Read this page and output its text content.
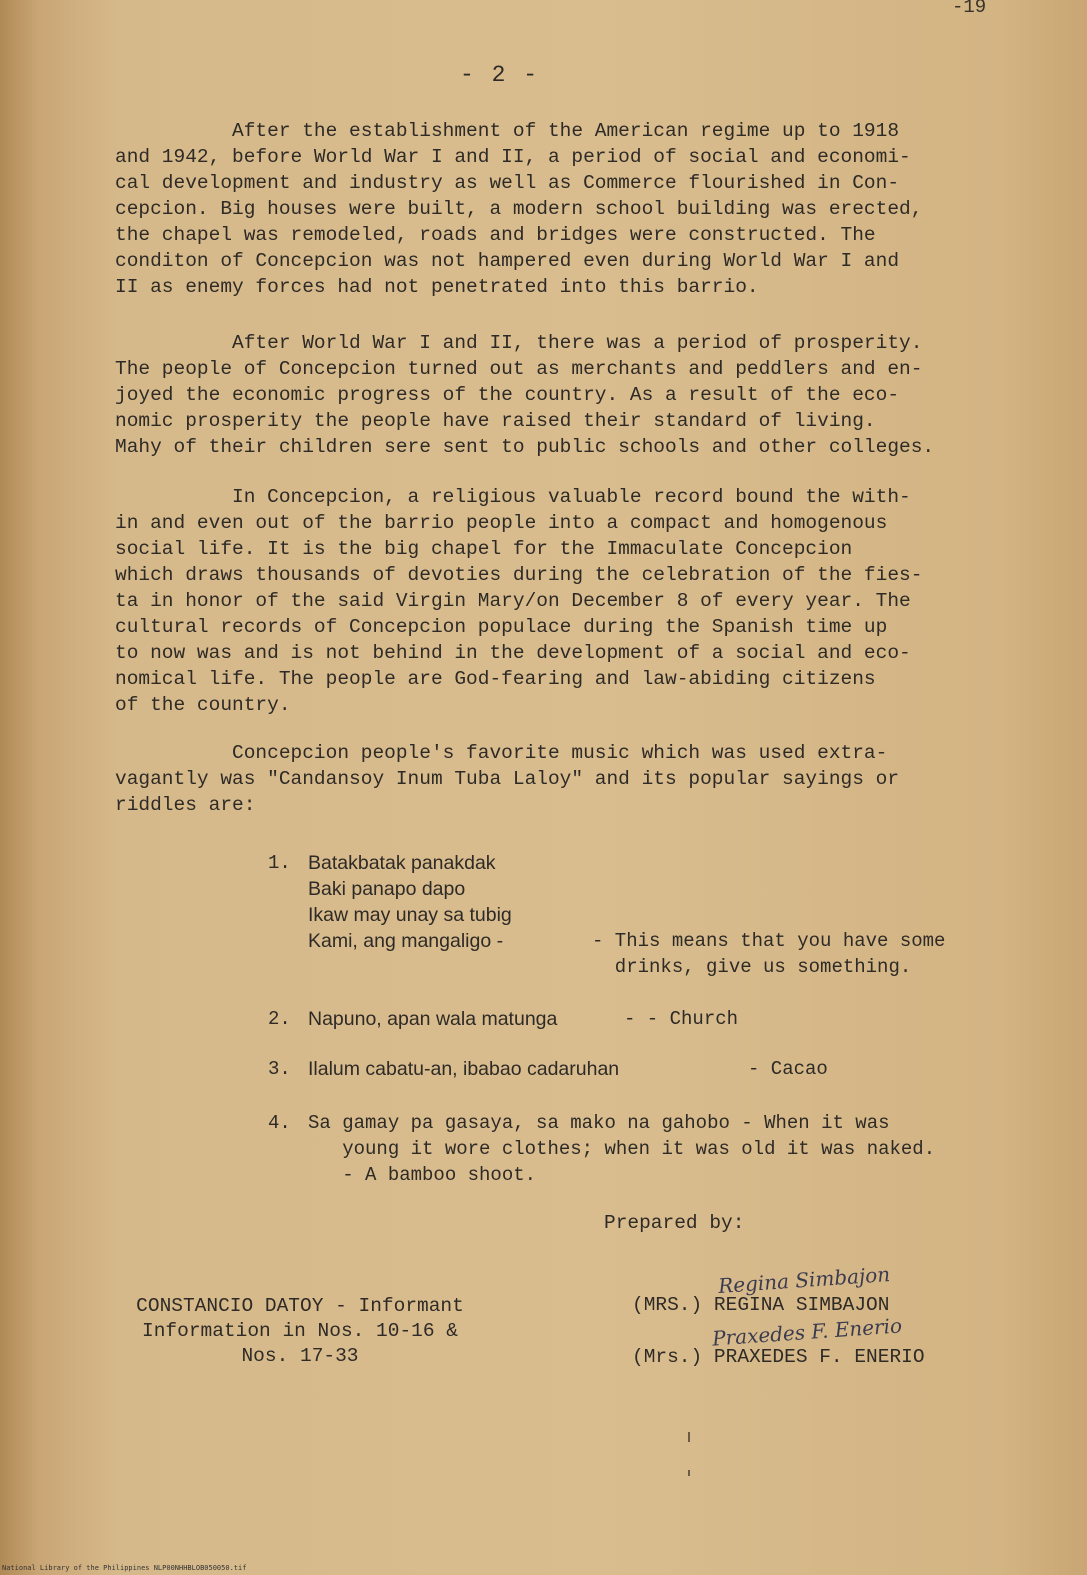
-19
- 2 -

After the establishment of the American regime up to 1918
and 1942, before World War I and II, a period of social and economi-
cal development and industry as well as Commerce flourished in Con-
cepcion. Big houses were built, a modern school building was erected,
the chapel was remodeled, roads and bridges were constructed. The
conditon of Concepcion was not hampered even during World War I and
II as enemy forces had not penetrated into this barrio.

After World War I and II, there was a period of prosperity.
The people of Concepcion turned out as merchants and peddlers and en-
joyed the economic progress of the country. As a result of the eco-
nomic prosperity the people have raised their standard of living.
Mahy of their children sere sent to public schools and other colleges.

In Concepcion, a religious valuable record bound the with-
in and even out of the barrio people into a compact and homogenous
social life. It is the big chapel for the Immaculate Concepcion
which draws thousands of devoties during the celebration of the fies-
ta in honor of the said Virgin Mary/on December 8 of every year. The
cultural records of Concepcion populace during the Spanish time up
to now was and is not behind in the development of a social and eco-
nomical life. The people are God-fearing and law-abiding citizens
of the country.

Concepcion people's favorite music which was used extra-
vagantly was "Candansoy Inum Tuba Laloy" and its popular sayings or
riddles are:

1. Batakbatak panakdak
Baki panapo dapo
Ikaw may unay sa tubig
Kami, ang mangaligo -	- This means that you have some
drinks, give us something.
2. Napuno, apan wala matunga	- - Church
3. Ilalum cabatu-an, ibabao cadaruhan	- Cacao
4. Sa gamay pa gasaya, sa mako na gahobo - When it was
young it wore clothes; when it was old it was naked.
- A bamboo shoot.
Prepared by:
CONSTANCIO DATOY - Informant
Information in Nos. 10-16 &
Nos. 17-33
Regina Simbajon
(MRS.) REGINA SIMBAJON
Praxedes F. Enerio
(Mrs.) PRAXEDES F. ENERIO
National Library of the Philippines NLP00NHHBLOB050050.tif
